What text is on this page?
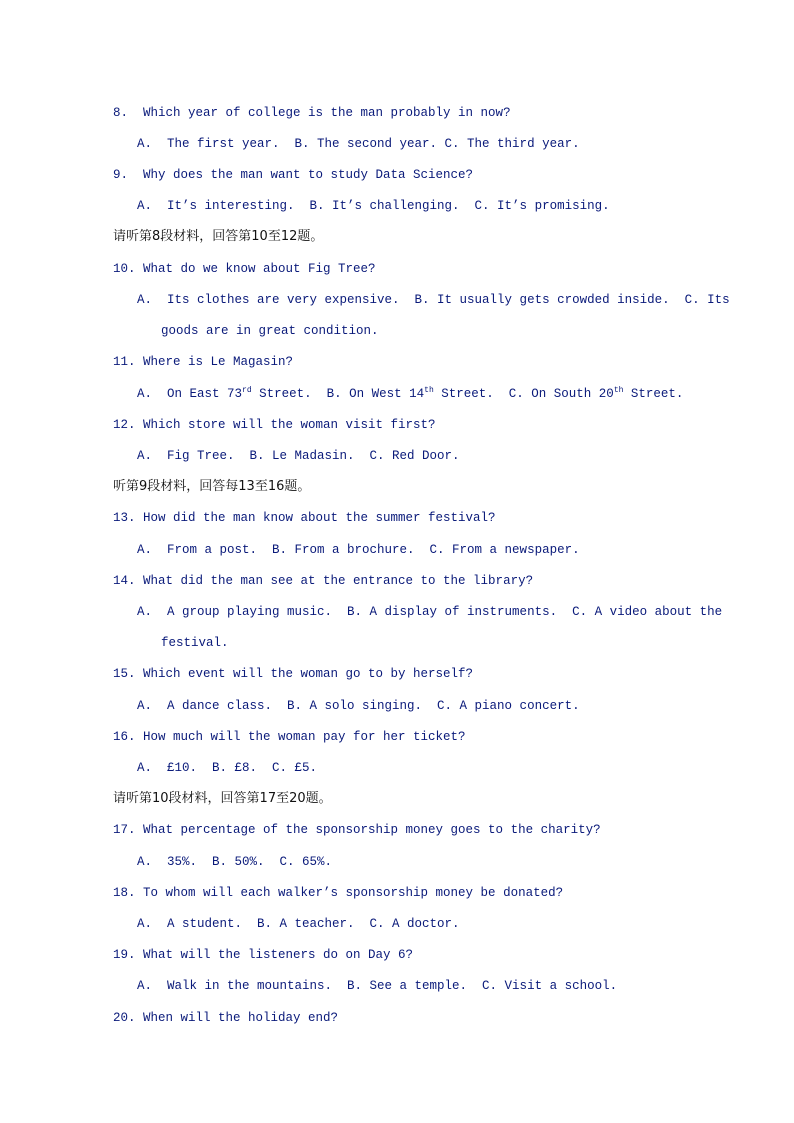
8.  Which year of college is the man probably in now?
A.  The first year.  B. The second year. C. The third year.
9.  Why does the man want to study Data Science?
A.  It’s interesting.  B. It’s challenging.  C. It’s promising.
请听第8段材料，回答第10至12题。
10. What do we know about Fig Tree?
A.  Its clothes are very expensive.  B. It usually gets crowded inside.  C. Its
goods are in great condition.
11. Where is Le Magasin?
A.  On East 73rd Street.  B. On West 14th Street.  C. On South 20th Street.
12. Which store will the woman visit first?
A.  Fig Tree.  B. Le Madasin.  C. Red Door.
听第9段材料，回答每13至16题。
13. How did the man know about the summer festival?
A.  From a post.  B. From a brochure.  C. From a newspaper.
14. What did the man see at the entrance to the library?
A.  A group playing music.  B. A display of instruments.  C. A video about the
festival.
15. Which event will the woman go to by herself?
A.  A dance class.  B. A solo singing.  C. A piano concert.
16. How much will the woman pay for her ticket?
A.  £10.  B. £8.  C. £5.
请听第10段材料，回答第17至20题。
17. What percentage of the sponsorship money goes to the charity?
A.  35%.  B. 50%.  C. 65%.
18. To whom will each walker’s sponsorship money be donated?
A.  A student.  B. A teacher.  C. A doctor.
19. What will the listeners do on Day 6?
A.  Walk in the mountains.  B. See a temple.  C. Visit a school.
20. When will the holiday end?
